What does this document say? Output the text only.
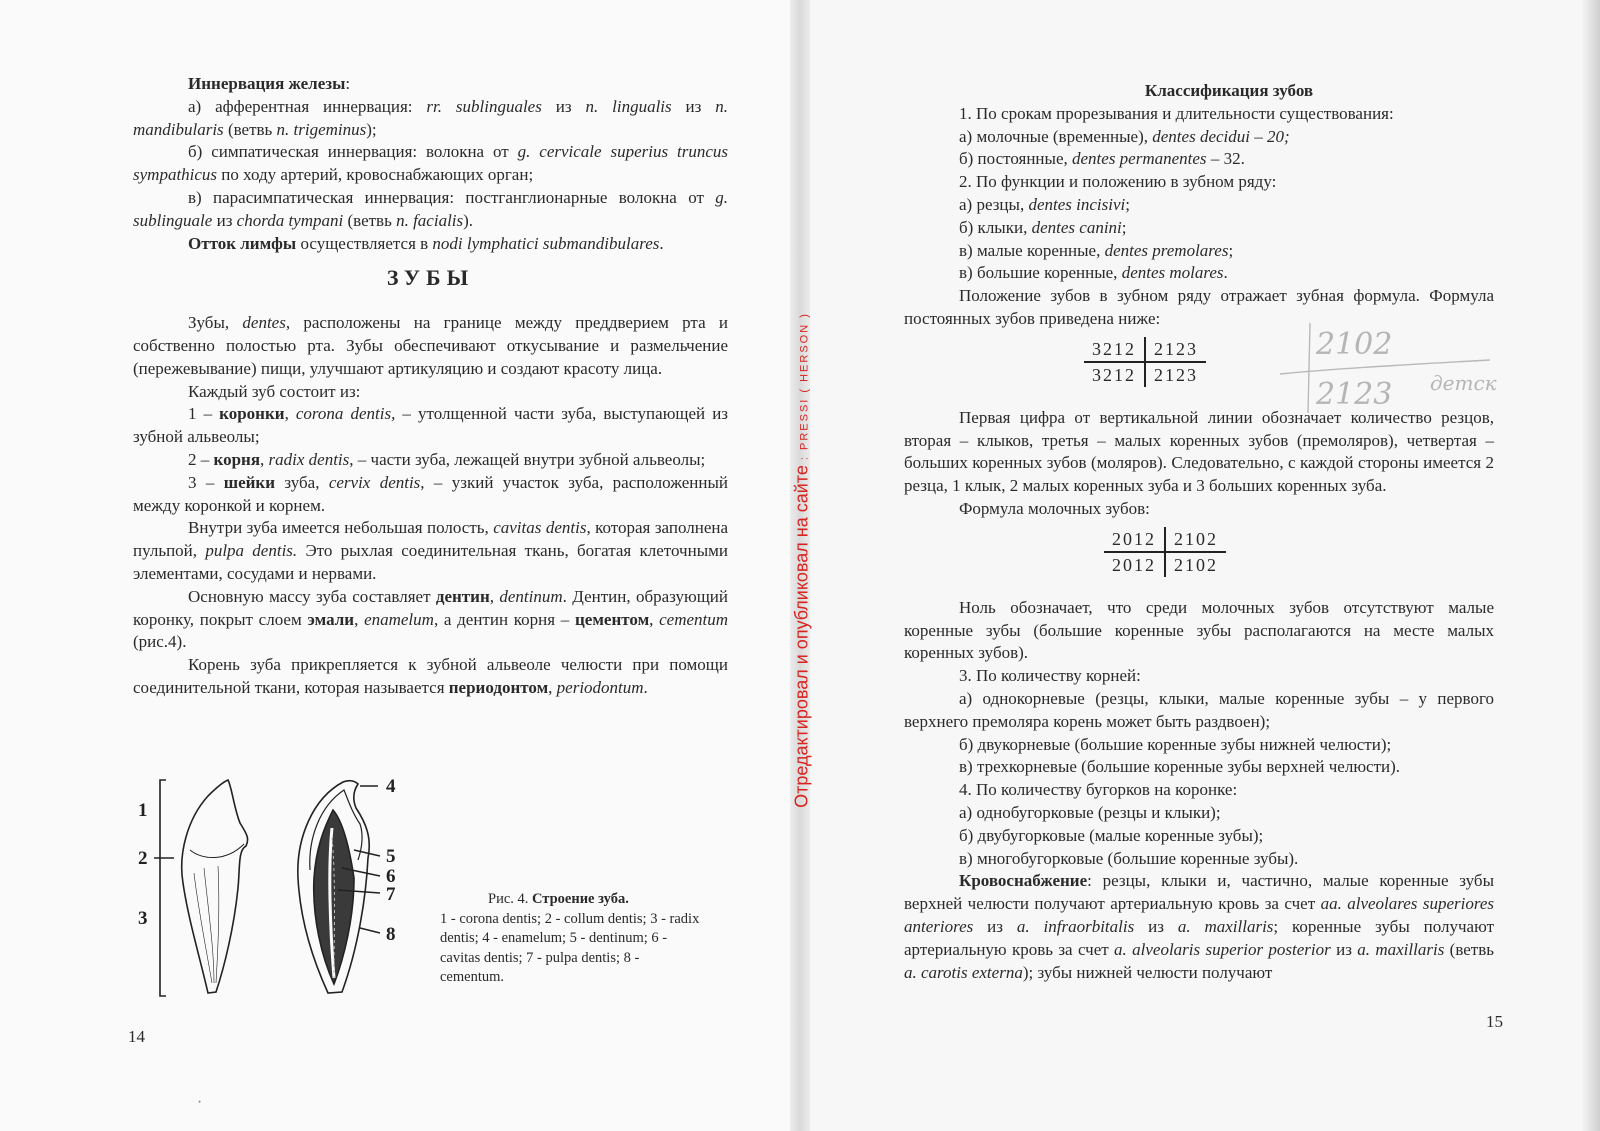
Иннервация железы:

а) афферентная иннервация: rr. sublinguales из n. lingualis из n. mandibularis (ветвь n. trigeminus);

б) симпатическая иннервация: волокна от g. cervicale superius truncus sympathicus по ходу артерий, кровоснабжающих орган;

в) парасимпатическая иннервация: постганглионарные волокна от g. sublinguale из chorda tympani (ветвь n. facialis).

Отток лимфы осуществляется в nodi lymphatici submandibulares.

ЗУБЫ

Зубы, dentes, расположены на границе между преддверием рта и собственно полостью рта. Зубы обеспечивают откусывание и размельчение (пережевывание) пищи, улучшают артикуляцию и создают красоту лица.

Каждый зуб состоит из:

1 – коронки, corona dentis, – утолщенной части зуба, выступающей из зубной альвеолы;

2 – корня, radix dentis, – части зуба, лежащей внутри зубной альвеолы;

3 – шейки зуба, cervix dentis, – узкий участок зуба, расположенный между коронкой и корнем.

Внутри зуба имеется небольшая полость, cavitas dentis, которая заполнена пульпой, pulpa dentis. Это рыхлая соединительная ткань, богатая клеточными элементами, сосудами и нервами.

Основную массу зуба составляет дентин, dentinum. Дентин, образующий коронку, покрыт слоем эмали, enamelum, а дентин корня – цементом, cementum (рис.4).

Корень зуба прикрепляется к зубной альвеоле челюсти при помощи соединительной ткани, которая называется периодонтом, periodontum.

1
2
3
4
5
6
7
8
Рис. 4. Строение зуба.
1 - corona dentis; 2 - collum dentis; 3 - radix dentis; 4 - enamelum; 5 - dentinum; 6 - cavitas dentis; 7 - pulpa dentis; 8 - cementum.
14
•
Отредактировал и опубликовал на сайте : PRESSI ( HERSON )

Классификация зубов

1. По срокам прорезывания и длительности существования:

а) молочные (временные), dentes decidui – 20;

б) постоянные, dentes permanentes – 32.

2. По функции и положению в зубном ряду:

а) резцы, dentes incisivi;

б) клыки, dentes canini;

в) малые коренные, dentes premolares;

в) большие коренные, dentes molares.

Положение зубов в зубном ряду отражает зубная формула. Формула постоянных зубов приведена ниже:

3212	2123
3212	2123

Первая цифра от вертикальной линии обозначает количество резцов, вторая – клыков, третья – малых коренных зубов (премоляров), четвертая – больших коренных зубов (моляров). Следовательно, с каждой стороны имеется 2 резца, 1 клык, 2 малых коренных зуба и 3 больших коренных зуба.

Формула молочных зубов:

2012	2102
2012	2102

Ноль обозначает, что среди молочных зубов отсутствуют малые коренные зубы (большие коренные зубы располагаются на месте малых коренных зубов).

3. По количеству корней:

а) однокорневые (резцы, клыки, малые коренные зубы – у первого верхнего премоляра корень может быть раздвоен);

б) двукорневые (большие коренные зубы нижней челюсти);

в) трехкорневые (большие коренные зубы верхней челюсти).

4. По количеству бугорков на коронке:

а) однобугорковые (резцы и клыки);

б) двубугорковые (малые коренные зубы);

в) многобугорковые (большие коренные зубы).

Кровоснабжение: резцы, клыки и, частично, малые коренные зубы верхней челюсти получают артериальную кровь за счет aa. alveolares superiores anteriores из a. infraorbitalis из a. maxillaris; коренные зубы получают артериальную кровь за счет a. alveolaris superior posterior из a. maxillaris (ветвь a. carotis externa); зубы нижней челюсти получают

2102
2123 детск
15
